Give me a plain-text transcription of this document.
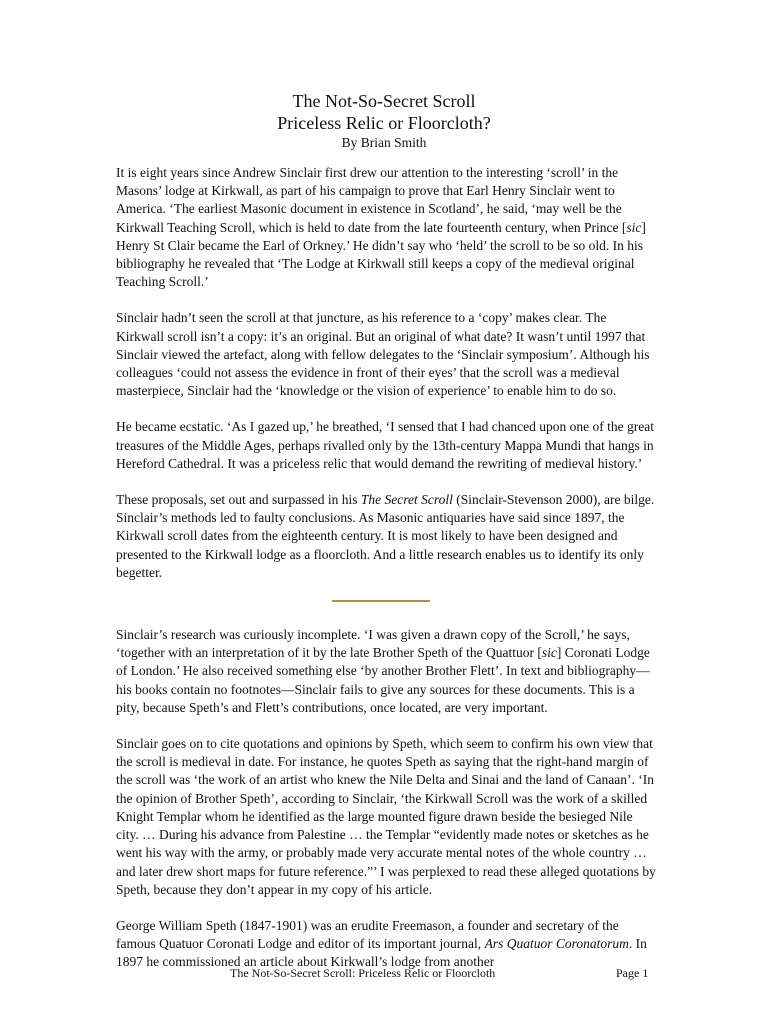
The Not-So-Secret Scroll
Priceless Relic or Floorcloth?

By Brian Smith

It is eight years since Andrew Sinclair first drew our attention to the interesting ‘scroll’ in the Masons’ lodge at Kirkwall, as part of his campaign to prove that Earl Henry Sinclair went to America. ‘The earliest Masonic document in existence in Scotland’, he said, ‘may well be the Kirkwall Teaching Scroll, which is held to date from the late fourteenth century, when Prince [sic] Henry St Clair became the Earl of Orkney.’ He didn’t say who ‘held’ the scroll to be so old. In his bibliography he revealed that ‘The Lodge at Kirkwall still keeps a copy of the medieval original Teaching Scroll.’

Sinclair hadn’t seen the scroll at that juncture, as his reference to a ‘copy’ makes clear. The Kirkwall scroll isn’t a copy: it’s an original. But an original of what date? It wasn’t until 1997 that Sinclair viewed the artefact, along with fellow delegates to the ‘Sinclair symposium’. Although his colleagues ‘could not assess the evidence in front of their eyes’ that the scroll was a medieval masterpiece, Sinclair had the ‘knowledge or the vision of experience’ to enable him to do so.

He became ecstatic. ‘As I gazed up,’ he breathed, ‘I sensed that I had chanced upon one of the great treasures of the Middle Ages, perhaps rivalled only by the 13th-century Mappa Mundi that hangs in Hereford Cathedral. It was a priceless relic that would demand the rewriting of medieval history.’

These proposals, set out and surpassed in his The Secret Scroll (Sinclair-Stevenson 2000), are bilge. Sinclair’s methods led to faulty conclusions. As Masonic antiquaries have said since 1897, the Kirkwall scroll dates from the eighteenth century. It is most likely to have been designed and presented to the Kirkwall lodge as a floorcloth. And a little research enables us to identify its only begetter.

Sinclair’s research was curiously incomplete. ‘I was given a drawn copy of the Scroll,’ he says, ‘together with an interpretation of it by the late Brother Speth of the Quattuor [sic] Coronati Lodge of London.’ He also received something else ‘by another Brother Flett’. In text and bibliography—his books contain no footnotes—Sinclair fails to give any sources for these documents. This is a pity, because Speth’s and Flett’s contributions, once located, are very important.

Sinclair goes on to cite quotations and opinions by Speth, which seem to confirm his own view that the scroll is medieval in date. For instance, he quotes Speth as saying that the right-hand margin of the scroll was ‘the work of an artist who knew the Nile Delta and Sinai and the land of Canaan’. ‘In the opinion of Brother Speth’, according to Sinclair, ‘the Kirkwall Scroll was the work of a skilled Knight Templar whom he identified as the large mounted figure drawn beside the besieged Nile city. … During his advance from Palestine … the Templar “evidently made notes or sketches as he went his way with the army, or probably made very accurate mental notes of the whole country … and later drew short maps for future reference.”’ I was perplexed to read these alleged quotations by Speth, because they don’t appear in my copy of his article.

George William Speth (1847-1901) was an erudite Freemason, a founder and secretary of the famous Quatuor Coronati Lodge and editor of its important journal, Ars Quatuor Coronatorum. In 1897 he commissioned an article about Kirkwall’s lodge from another

The Not-So-Secret Scroll: Priceless Relic or Floorcloth	Page 1
